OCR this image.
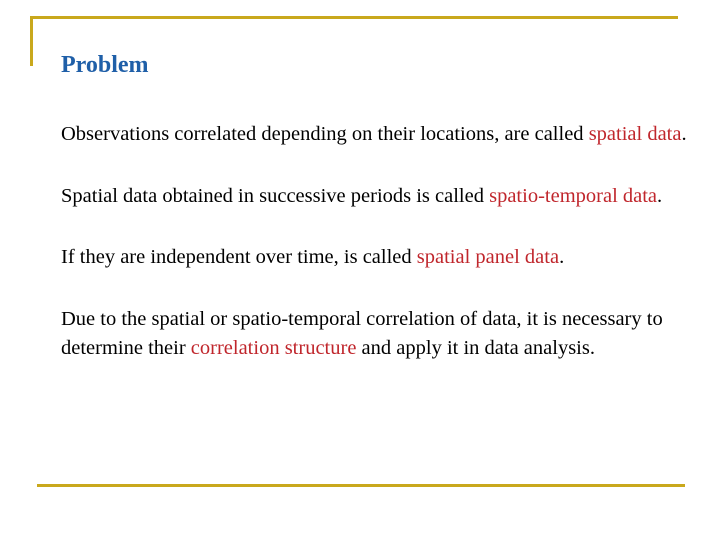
Problem

Observations correlated depending on their locations, are called spatial data.

Spatial data obtained in successive periods is called spatio-temporal data.

If they are independent over time, is called spatial panel data.

Due to the spatial or spatio-temporal correlation of data, it is necessary to determine their correlation structure and apply it in data analysis.
